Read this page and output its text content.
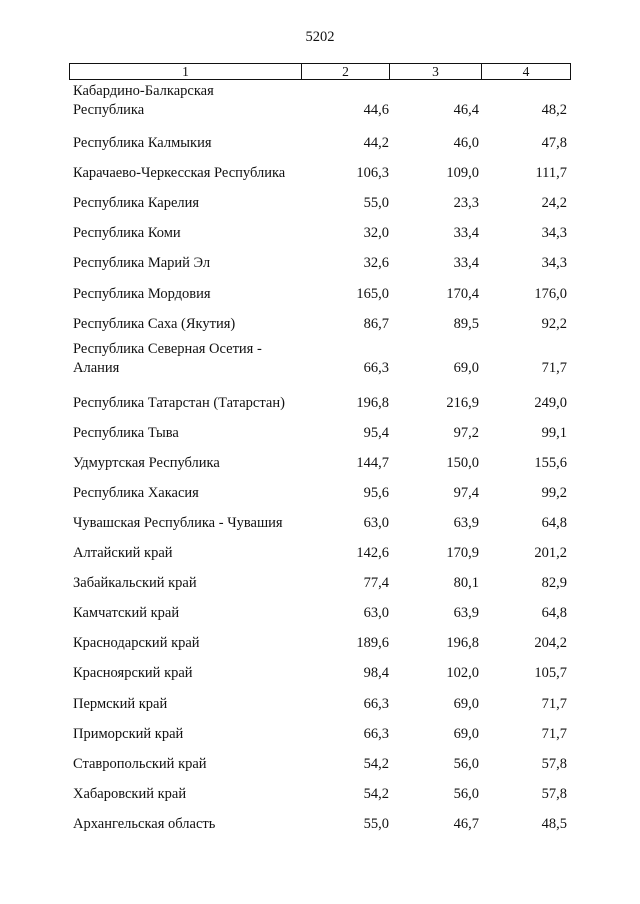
5202
1	2	3	4
Кабардино-Балкарская
Республика	44,6	46,4	48,2
Республика Калмыкия	44,2	46,0	47,8
Карачаево-Черкесская Республика	106,3	109,0	111,7
Республика Карелия	55,0	23,3	24,2
Республика Коми	32,0	33,4	34,3
Республика Марий Эл	32,6	33,4	34,3
Республика Мордовия	165,0	170,4	176,0
Республика Саха (Якутия)	86,7	89,5	92,2
Республика Северная Осетия -
Алания	66,3	69,0	71,7
Республика Татарстан (Татарстан)	196,8	216,9	249,0
Республика Тыва	95,4	97,2	99,1
Удмуртская Республика	144,7	150,0	155,6
Республика Хакасия	95,6	97,4	99,2
Чувашская Республика - Чувашия	63,0	63,9	64,8
Алтайский край	142,6	170,9	201,2
Забайкальский край	77,4	80,1	82,9
Камчатский край	63,0	63,9	64,8
Краснодарский край	189,6	196,8	204,2
Красноярский край	98,4	102,0	105,7
Пермский край	66,3	69,0	71,7
Приморский край	66,3	69,0	71,7
Ставропольский край	54,2	56,0	57,8
Хабаровский край	54,2	56,0	57,8
Архангельская область	55,0	46,7	48,5
